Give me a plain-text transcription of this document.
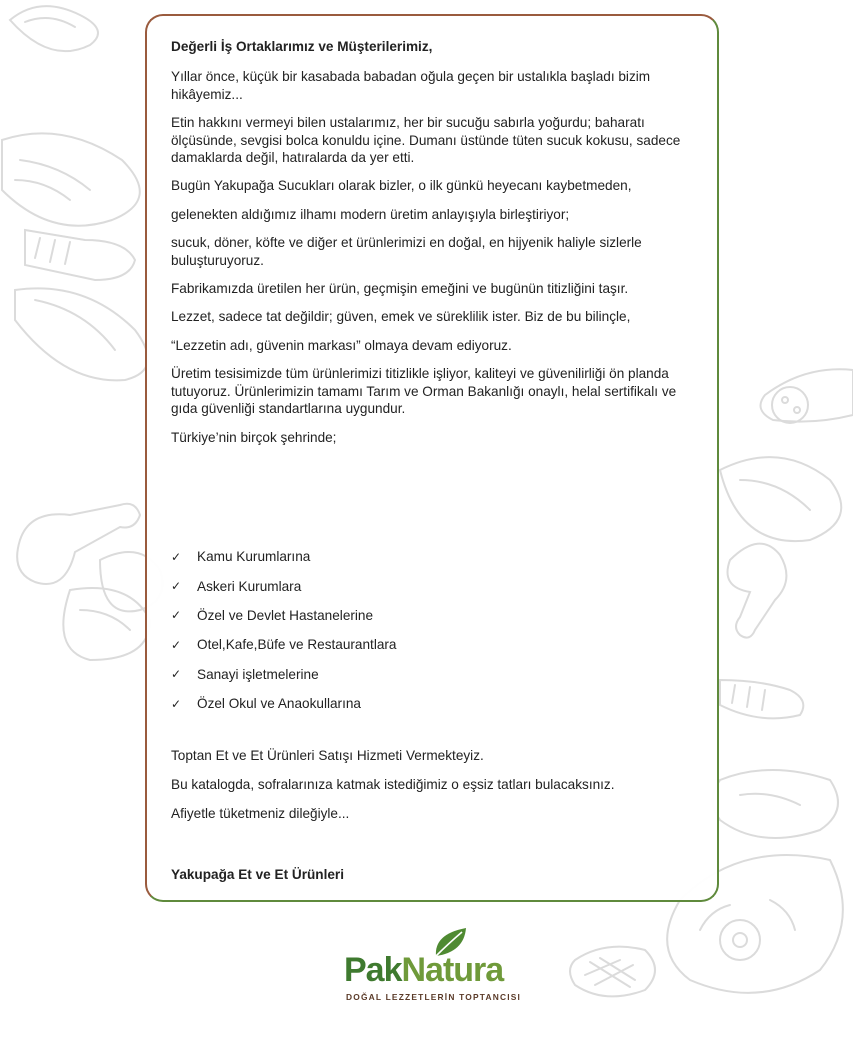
Değerli İş Ortaklarımız ve Müşterilerimiz,

Yıllar önce, küçük bir kasabada babadan oğula geçen bir ustalıkla başladı bizim hikâyemiz...

Etin hakkını vermeyi bilen ustalarımız, her bir sucuğu sabırla yoğurdu; baharatı ölçüsünde, sevgisi bolca konuldu içine. Dumanı üstünde tüten sucuk kokusu, sadece damaklarda değil, hatıralarda da yer etti.

Bugün Yakupağa Sucukları olarak bizler, o ilk günkü heyecanı kaybetmeden,

gelenekten aldığımız ilhamı modern üretim anlayışıyla birleştiriyor;

sucuk, döner, köfte ve diğer et ürünlerimizi en doğal, en hijyenik haliyle sizlerle buluşturuyoruz.

Fabrikamızda üretilen her ürün, geçmişin emeğini ve bugünün titizliğini taşır.

Lezzet, sadece tat değildir; güven, emek ve süreklilik ister. Biz de bu bilinçle,

“Lezzetin adı, güvenin markası” olmaya devam ediyoruz.

Üretim tesisimizde tüm ürünlerimizi titizlikle işliyor, kaliteyi ve güvenilirliği ön planda tutuyoruz. Ürünlerimizin tamamı Tarım ve Orman Bakanlığı onaylı, helal sertifikalı ve gıda güvenliği standartlarına uygundur.

Türkiye’nin birçok şehrinde;

✓	Kamu Kurumlarına
✓	Askeri Kurumlara
✓	Özel ve Devlet Hastanelerine
✓	Otel,Kafe,Büfe ve Restaurantlara
✓	Sanayi işletmelerine
✓	Özel Okul ve Anaokullarına

Toptan Et ve Et Ürünleri Satışı Hizmeti Vermekteyiz.

Bu katalogda, sofralarınıza katmak istediğimiz o eşsiz tatları bulacaksınız.

Afiyetle tüketmeniz dileğiyle...

Yakupağa Et ve Et Ürünleri

PakNatura
DOĞAL LEZZETLERİN TOPTANCISI
